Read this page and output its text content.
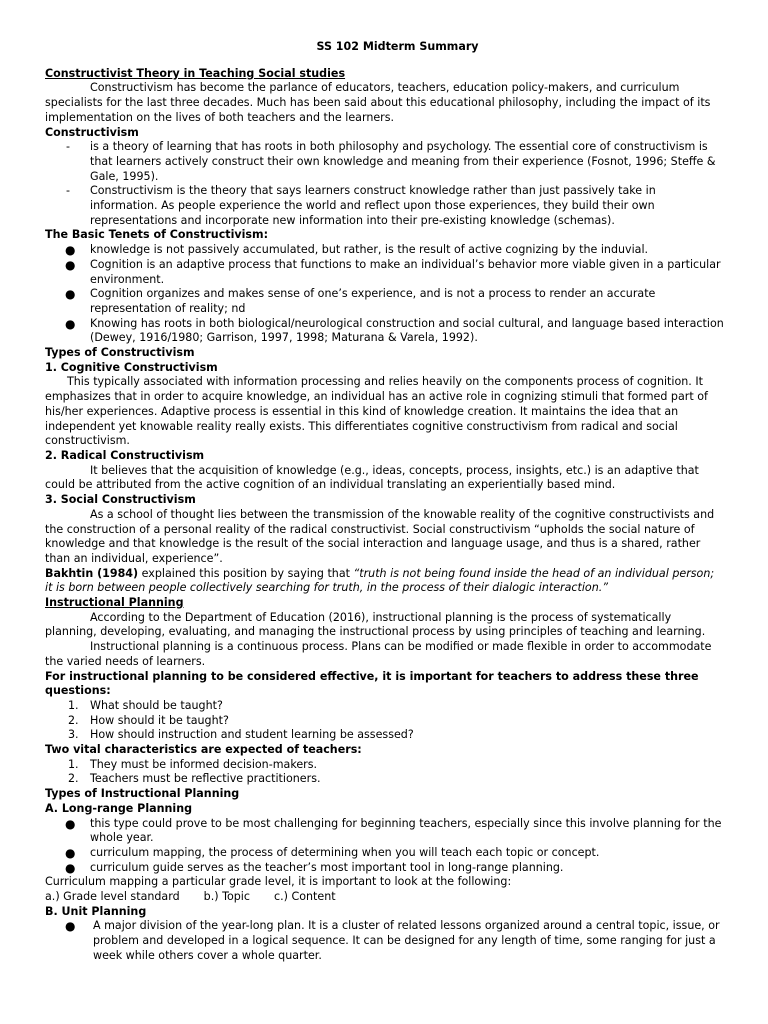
SS 102 Midterm Summary

Constructivist Theory in Teaching Social studies

Constructivism has become the parlance of educators, teachers, education policy-makers, and curriculum specialists for the last three decades. Much has been said about this educational philosophy, including the impact of its implementation on the lives of both teachers and the learners.

Constructivism

- is a theory of learning that has roots in both philosophy and psychology. The essential core of constructivism is that learners actively construct their own knowledge and meaning from their experience (Fosnot, 1996; Steffe & Gale, 1995).
- Constructivism is the theory that says learners construct knowledge rather than just passively take in information. As people experience the world and reflect upon those experiences, they build their own representations and incorporate new information into their pre-existing knowledge (schemas).

The Basic Tenets of Constructivism:

● knowledge is not passively accumulated, but rather, is the result of active cognizing by the induvial.
● Cognition is an adaptive process that functions to make an individual’s behavior more viable given in a particular environment.
● Cognition organizes and makes sense of one’s experience, and is not a process to render an accurate representation of reality; nd
● Knowing has roots in both biological/neurological construction and social cultural, and language based interaction (Dewey, 1916/1980; Garrison, 1997, 1998; Maturana & Varela, 1992).

Types of Constructivism

1. Cognitive Constructivism

This typically associated with information processing and relies heavily on the components process of cognition. It emphasizes that in order to acquire knowledge, an individual has an active role in cognizing stimuli that formed part of his/her experiences. Adaptive process is essential in this kind of knowledge creation. It maintains the idea that an independent yet knowable reality really exists. This differentiates cognitive constructivism from radical and social constructivism.

2. Radical Constructivism

It believes that the acquisition of knowledge (e.g., ideas, concepts, process, insights, etc.) is an adaptive that could be attributed from the active cognition of an individual translating an experientially based mind.

3. Social Constructivism

As a school of thought lies between the transmission of the knowable reality of the cognitive constructivists and the construction of a personal reality of the radical constructivist. Social constructivism “upholds the social nature of knowledge and that knowledge is the result of the social interaction and language usage, and thus is a shared, rather than an individual, experience”.

Bakhtin (1984) explained this position by saying that “truth is not being found inside the head of an individual person; it is born between people collectively searching for truth, in the process of their dialogic interaction.”

Instructional Planning

According to the Department of Education (2016), instructional planning is the process of systematically planning, developing, evaluating, and managing the instructional process by using principles of teaching and learning.

Instructional planning is a continuous process. Plans can be modified or made flexible in order to accommodate the varied needs of learners.

For instructional planning to be considered effective, it is important for teachers to address these three questions:

1. What should be taught?
2. How should it be taught?
3. How should instruction and student learning be assessed?

Two vital characteristics are expected of teachers:

1. They must be informed decision-makers.
2. Teachers must be reflective practitioners.

Types of Instructional Planning

A. Long-range Planning

● this type could prove to be most challenging for beginning teachers, especially since this involve planning for the whole year.
● curriculum mapping, the process of determining when you will teach each topic or concept.
● curriculum guide serves as the teacher’s most important tool in long-range planning.

Curriculum mapping a particular grade level, it is important to look at the following:

a.) Grade level standard b.) Topic c.) Content

B. Unit Planning

● A major division of the year-long plan. It is a cluster of related lessons organized around a central topic, issue, or problem and developed in a logical sequence. It can be designed for any length of time, some ranging for just a week while others cover a whole quarter.
